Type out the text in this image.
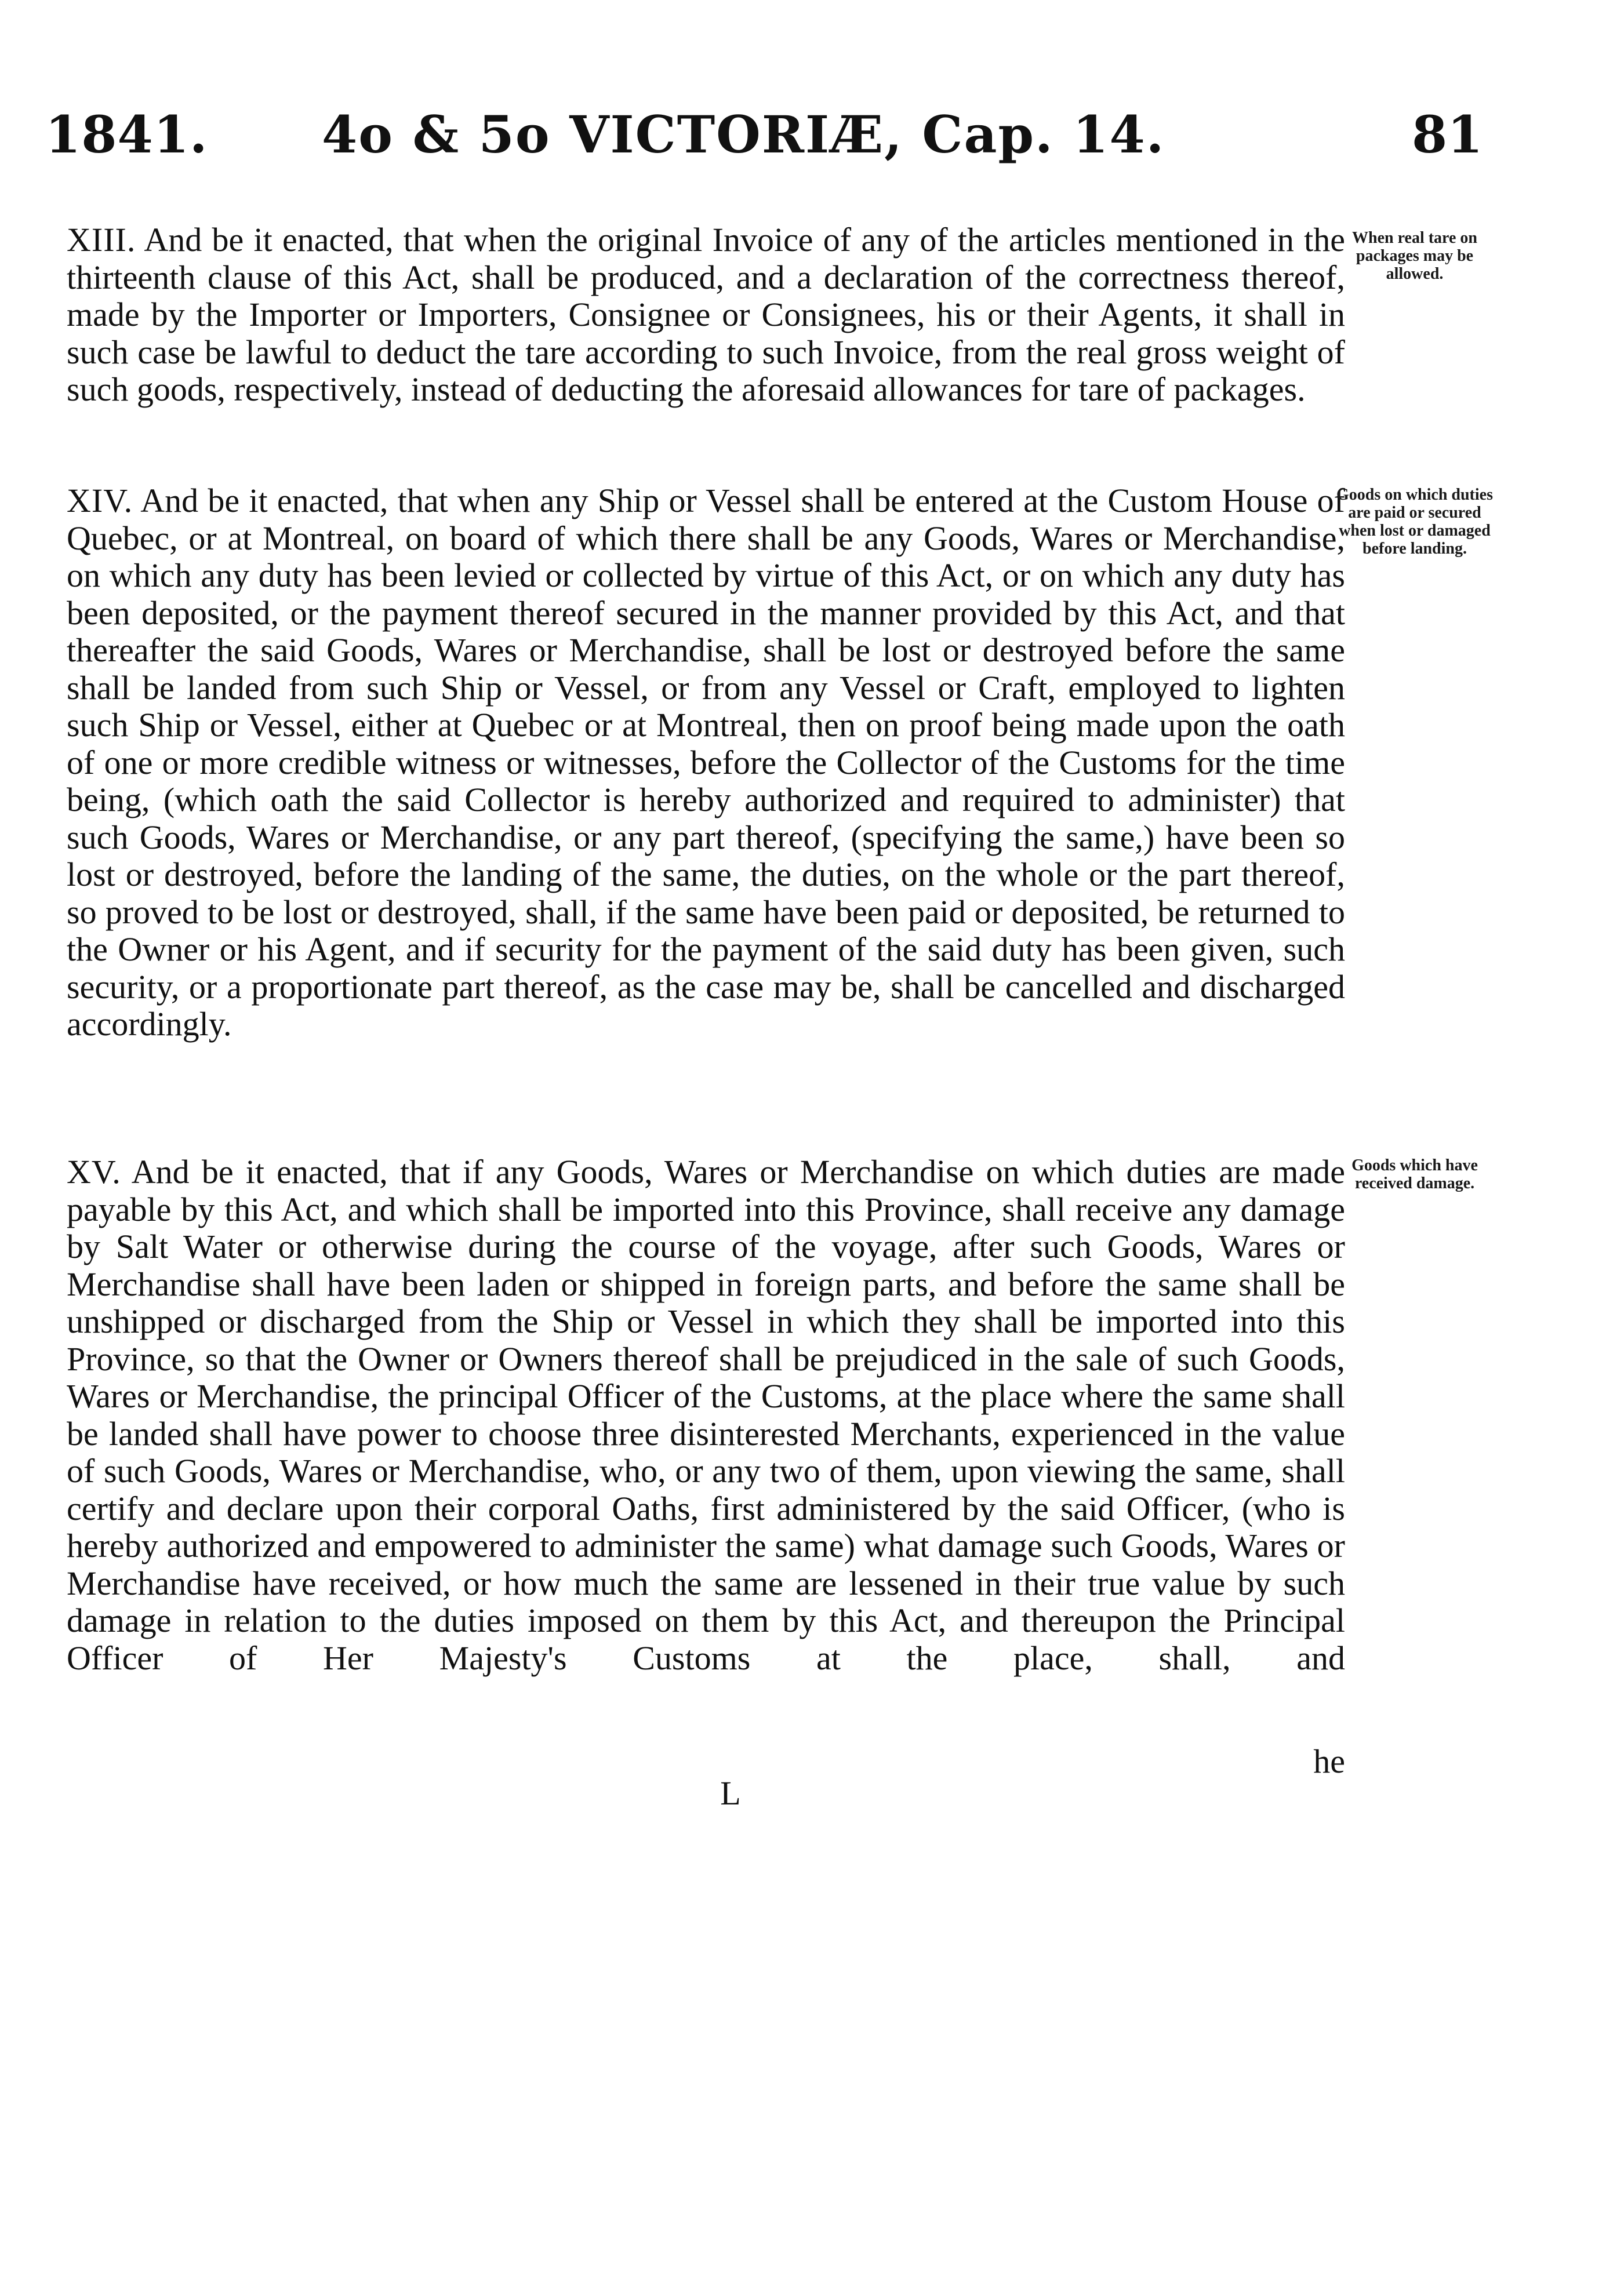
1841. 4o & 5o VICTORIÆ, Cap. 14.	81

XIII. And be it enacted, that when the original Invoice of any of the articles mentioned in the thirteenth clause of this Act, shall be produced, and a declaration of the correctness thereof, made by the Importer or Importers, Consignee or Consignees, his or their Agents, it shall in such case be lawful to deduct the tare according to such Invoice, from the real gross weight of such goods, respectively, instead of deducting the aforesaid allowances for tare of packages.

When real tare on packages may be allowed.

XIV. And be it enacted, that when any Ship or Vessel shall be entered at the Custom House of Quebec, or at Montreal, on board of which there shall be any Goods, Wares or Merchandise, on which any duty has been levied or collected by virtue of this Act, or on which any duty has been deposited, or the payment thereof secured in the manner provided by this Act, and that thereafter the said Goods, Wares or Merchandise, shall be lost or destroyed before the same shall be landed from such Ship or Vessel, or from any Vessel or Craft, employed to lighten such Ship or Vessel, either at Quebec or at Montreal, then on proof being made upon the oath of one or more credible witness or witnesses, before the Collector of the Customs for the time being, (which oath the said Collector is hereby authorized and required to administer) that such Goods, Wares or Merchandise, or any part thereof, (specifying the same,) have been so lost or destroyed, before the landing of the same, the duties, on the whole or the part thereof, so proved to be lost or destroyed, shall, if the same have been paid or deposited, be returned to the Owner or his Agent, and if security for the payment of the said duty has been given, such security, or a proportionate part thereof, as the case may be, shall be cancelled and discharged accordingly.

Goods on which duties are paid or secured when lost or damaged before landing.

XV. And be it enacted, that if any Goods, Wares or Merchandise on which duties are made payable by this Act, and which shall be imported into this Province, shall receive any damage by Salt Water or otherwise during the course of the voyage, after such Goods, Wares or Merchandise shall have been laden or shipped in foreign parts, and before the same shall be unshipped or discharged from the Ship or Vessel in which they shall be imported into this Province, so that the Owner or Owners thereof shall be prejudiced in the sale of such Goods, Wares or Merchandise, the principal Officer of the Customs, at the place where the same shall be landed shall have power to choose three disinterested Merchants, experienced in the value of such Goods, Wares or Merchandise, who, or any two of them, upon viewing the same, shall certify and declare upon their corporal Oaths, first administered by the said Officer, (who is hereby authorized and empowered to administer the same) what damage such Goods, Wares or Merchandise have received, or how much the same are lessened in their true value by such damage in relation to the duties imposed on them by this Act, and thereupon the Principal Officer of Her Majesty's Customs at the place, shall, and

Goods which have received damage.
he
L
